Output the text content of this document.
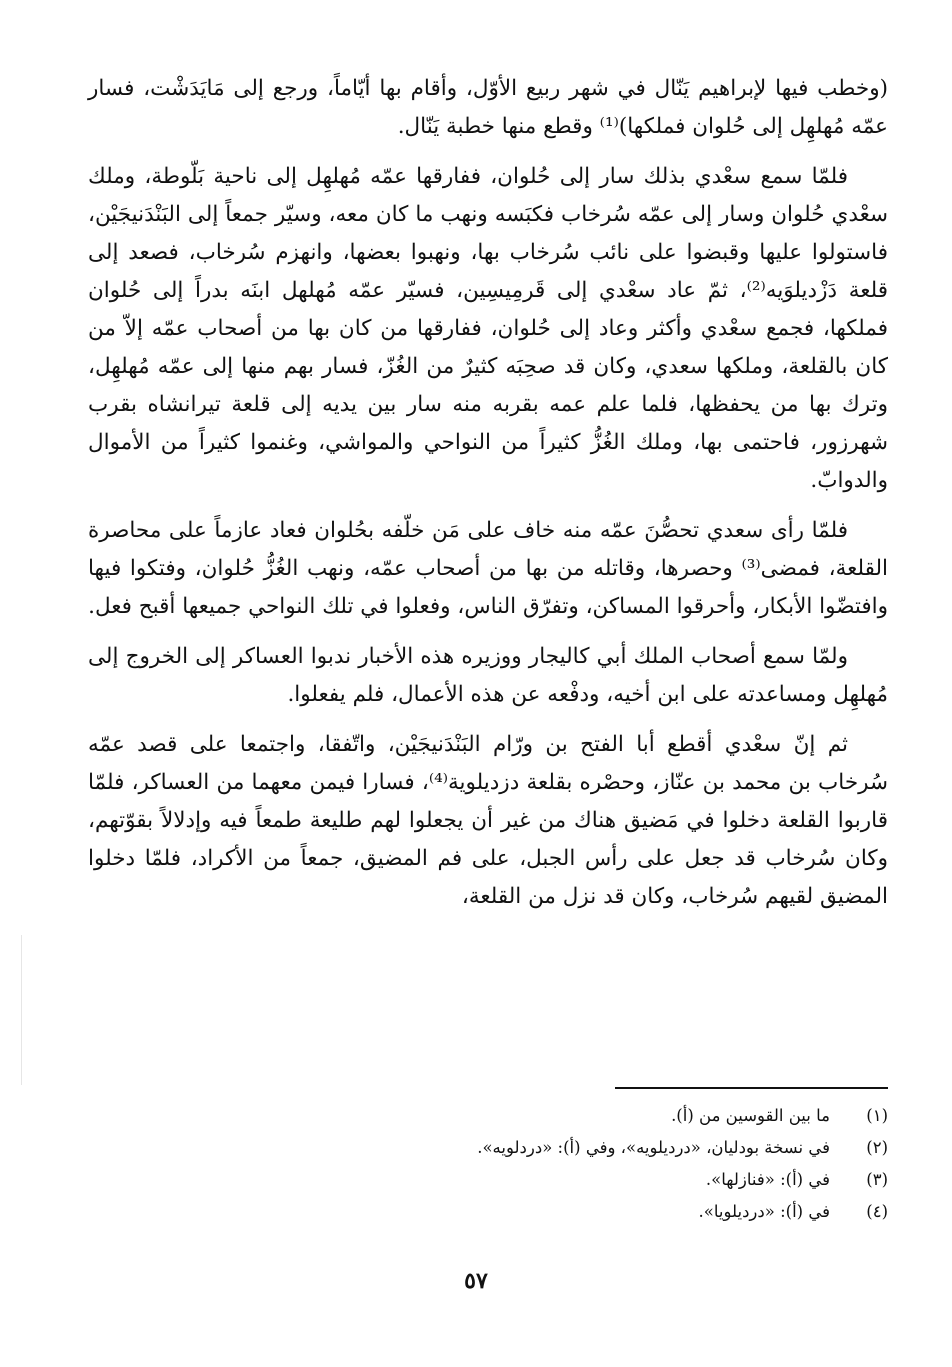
(وخطب فيها لإبراهيم يَنّال في شهر ربيع الأوّل، وأقام بها أيّاماً، ورجع إلى مَايَدَشْت، فسار عمّه مُهلهِل إلى حُلوان فملكها)⁽¹⁾ وقطع منها خطبة يَنّال.

فلمّا سمع سعْدي بذلك سار إلى حُلوان، ففارقها عمّه مُهلهِل إلى ناحية بَلّوطة، وملك سعْدي حُلوان وسار إلى عمّه سُرخاب فكبَسه ونهب ما كان معه، وسيّر جمعاً إلى البَنْدَنيجَيْن، فاستولوا عليها وقبضوا على نائب سُرخاب بها، ونهبوا بعضها، وانهزم سُرخاب، فصعد إلى قلعة دَزْديلوَيه⁽²⁾، ثمّ عاد سعْدي إلى قَرمِيسِين، فسيّر عمّه مُهلهل ابنَه بدراً إلى حُلوان فملكها، فجمع سعْدي وأكثر وعاد إلى حُلوان، ففارقها من كان بها من أصحاب عمّه إلاّ من كان بالقلعة، وملكها سعدي، وكان قد صحِبَه كثيرٌ من الغُزّ، فسار بهم منها إلى عمّه مُهلهِل، وترك بها من يحفظها، فلما علم عمه بقربه منه سار بين يديه إلى قلعة تيرانشاه بقرب شهرزور، فاحتمى بها، وملك الغُزُّ كثيراً من النواحي والمواشي، وغنموا كثيراً من الأموال والدوابّ.

فلمّا رأى سعدي تحصُّنَ عمّه منه خاف على مَن خلّفه بحُلوان فعاد عازماً على محاصرة القلعة، فمضى⁽³⁾ وحصرها، وقاتله من بها من أصحاب عمّه، ونهب الغُزُّ حُلوان، وفتكوا فيها وافتضّوا الأبكار، وأحرقوا المساكن، وتفرّق الناس، وفعلوا في تلك النواحي جميعها أقبح فعل.

ولمّا سمع أصحاب الملك أبي كاليجار ووزيره هذه الأخبار ندبوا العساكر إلى الخروج إلى مُهلهِل ومساعدته على ابن أخيه، ودفْعه عن هذه الأعمال، فلم يفعلوا.

ثم إنّ سعْدي أقطع أبا الفتح بن ورّام البَنْدَنيجَيْن، واتّفقا، واجتمعا على قصد عمّه سُرخاب بن محمد بن عنّاز، وحصْره بقلعة دزديلوية⁽⁴⁾، فسارا فيمن معهما من العساكر، فلمّا قاربوا القلعة دخلوا في مَضيق هناك من غير أن يجعلوا لهم طليعة طمعاً فيه وإدلالاً بقوّتهم، وكان سُرخاب قد جعل على رأس الجبل، على فم المضيق، جمعاً من الأكراد، فلمّا دخلوا المضيق لقيهم سُرخاب، وكان قد نزل من القلعة،

(١)
ما بين القوسين من (أ).
(٢)
في نسخة بودليان، «درديلويه»، وفي (أ): «دردلويه».
(٣)
في (أ): «فنازلها».
(٤)
في (أ): «درديلويا».
٥٧
